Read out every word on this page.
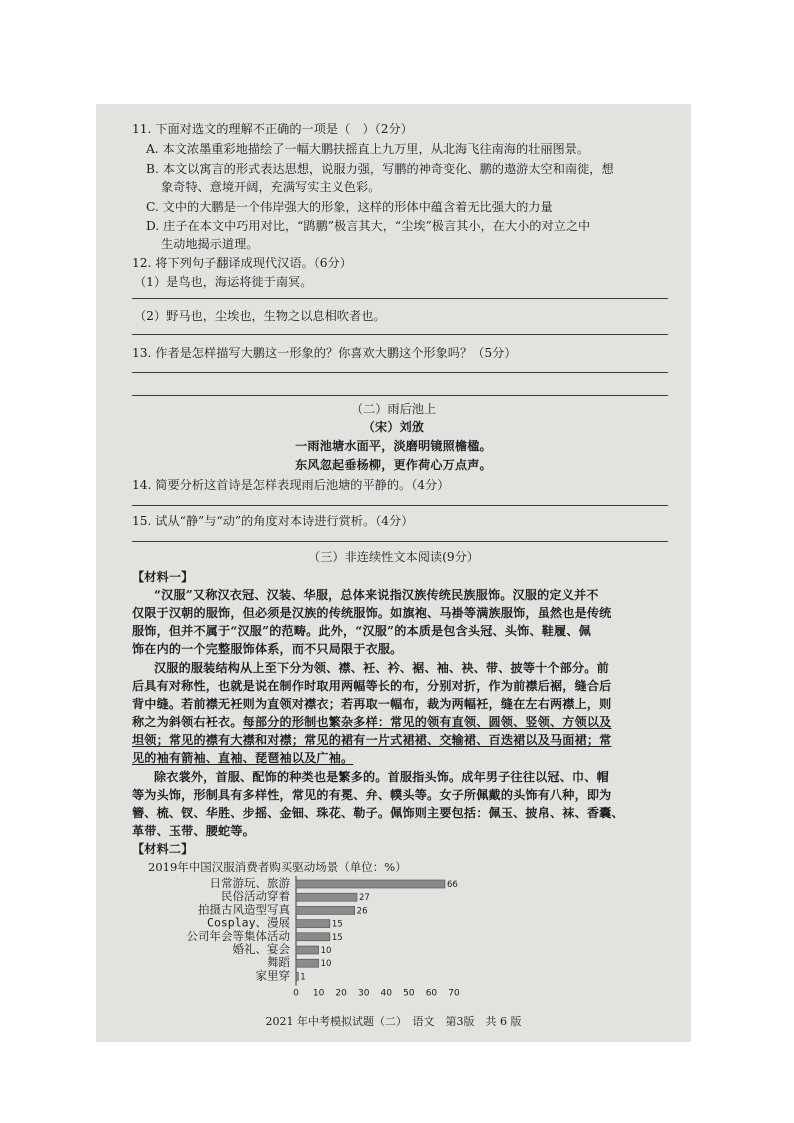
11. 下面对选文的理解不正确的一项是（　）（2分）
A. 本文浓墨重彩地描绘了一幅大鹏扶摇直上九万里，从北海飞往南海的壮丽图景。
B. 本文以寓言的形式表达思想，说服力强，写鹏的神奇变化、鹏的遨游太空和南徙，想
象奇特、意境开阔，充满写实主义色彩。
C. 文中的大鹏是一个伟岸强大的形象，这样的形体中蕴含着无比强大的力量
D. 庄子在本文中巧用对比，“鹍鹏”极言其大，“尘埃”极言其小，在大小的对立之中
生动地揭示道理。
12. 将下列句子翻译成现代汉语。（6分）
（1）是鸟也，海运将徙于南冥。
（2）野马也，尘埃也，生物之以息相吹者也。
13. 作者是怎样描写大鹏这一形象的？你喜欢大鹏这个形象吗？（5分）
（二）雨后池上
（宋）刘攽
一雨池塘水面平，淡磨明镜照檐楹。
东风忽起垂杨柳，更作荷心万点声。
14. 简要分析这首诗是怎样表现雨后池塘的平静的。（4分）
15. 试从“静”与“动”的角度对本诗进行赏析。（4分）
（三）非连续性文本阅读(9分）
【材料一】
“汉服”又称汉衣冠、汉装、华服，总体来说指汉族传统民族服饰。汉服的定义并不
仅限于汉朝的服饰，但必须是汉族的传统服饰。如旗袍、马褂等满族服饰，虽然也是传统
服饰，但并不属于“汉服”的范畴。此外，“汉服”的本质是包含头冠、头饰、鞋履、佩
饰在内的一个完整服饰体系，而不只局限于衣服。
汉服的服装结构从上至下分为领、襟、衽、衿、裾、袖、袂、带、披等十个部分。前
后具有对称性，也就是说在制作时取用两幅等长的布，分别对折，作为前襟后裾，缝合后
背中缝。若前襟无衽则为直领对襟衣；若再取一幅布，裁为两幅衽，缝在左右两襟上，则
称之为斜领右衽衣。每部分的形制也繁杂多样：常见的领有直领、圆领、竖领、方领以及
坦领；常见的襟有大襟和对襟；常见的裙有一片式裙裙、交输裙、百迭裙以及马面裙；常
见的袖有箭袖、直袖、琵琶袖以及广袖。
除衣裳外，首服、配饰的种类也是繁多的。首服指头饰。成年男子往往以冠、巾、帽
等为头饰，形制具有多样性，常见的有冕、弁、幞头等。女子所佩戴的头饰有八种，即为
簪、梳、钗、华胜、步摇、金钿、珠花、勒子。佩饰则主要包括：佩玉、披帛、袜、香囊、
革带、玉带、腰蛇等。
【材料二】
2019年中国汉服消费者购买驱动场景（单位：%）
日常游玩、旅游	66
民俗活动穿着	27
拍摄古风造型写真	26
Cosplay、漫展	15
公司年会等集体活动	15
婚礼、宴会	10
舞蹈	10
家里穿 1
0 10 20 30 40 50 60 70
2021 年中考模拟试题（二）　语文　第3版　共 6 版
